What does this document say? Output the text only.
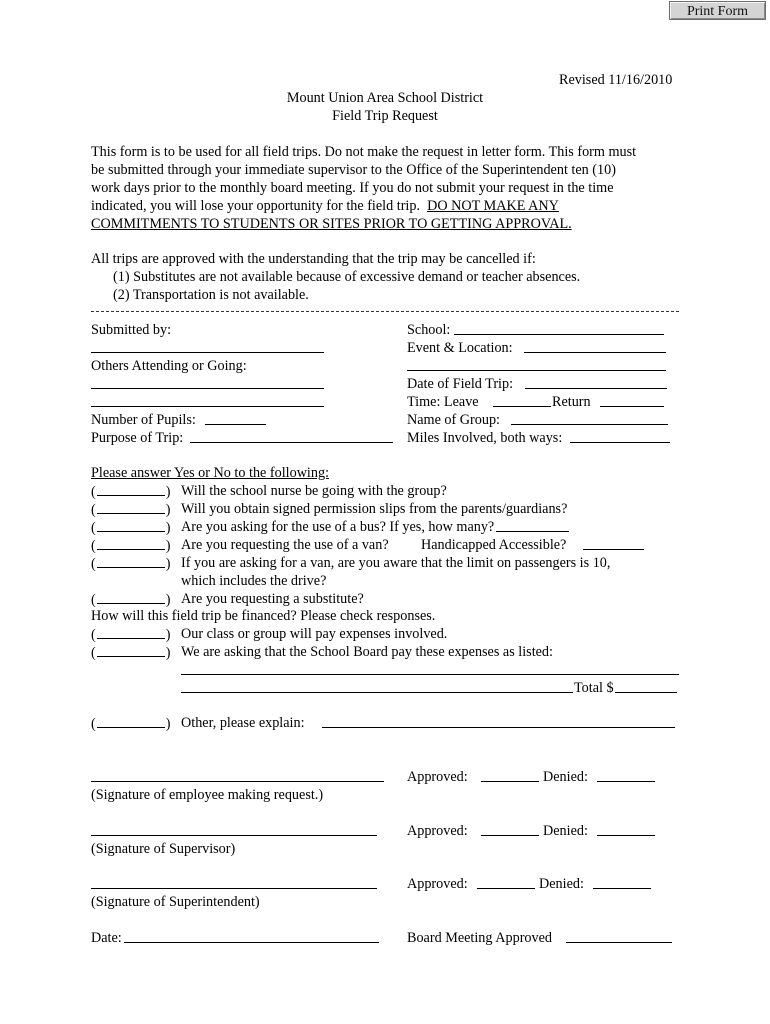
Print Form
Revised 11/16/2010
Mount Union Area School District
Field Trip Request
This form is to be used for all field trips. Do not make the request in letter form. This form must
be submitted through your immediate supervisor to the Office of the Superintendent ten (10)
work days prior to the monthly board meeting. If you do not submit your request in the time
indicated, you will lose your opportunity for the field trip. DO NOT MAKE ANY
COMMITMENTS TO STUDENTS OR SITES PRIOR TO GETTING APPROVAL.
All trips are approved with the understanding that the trip may be cancelled if:
(1) Substitutes are not available because of excessive demand or teacher absences.
(2) Transportation is not available.
Submitted by:
Others Attending or Going:
Number of Pupils:
Purpose of Trip:
School:
Event & Location:
Date of Field Trip:
Time: Leave	Return
Name of Group:
Miles Involved, both ways:
Please answer Yes or No to the following:
(	) Will the school nurse be going with the group?
(	) Will you obtain signed permission slips from the parents/guardians?
(	) Are you asking for the use of a bus? If yes, how many?
(	) Are you requesting the use of a van? Handicapped Accessible?
(	) If you are asking for a van, are you aware that the limit on passengers is 10,
which includes the drive?
(	) Are you requesting a substitute?
How will this field trip be financed? Please check responses.
(	) Our class or group will pay expenses involved.
(	) We are asking that the School Board pay these expenses as listed:
Total $
(	) Other, please explain:
(Signature of employee making request.)
Approved:	Denied:
(Signature of Supervisor)
Approved:	Denied:
(Signature of Superintendent)
Approved:	Denied:
Date:	Board Meeting Approved
